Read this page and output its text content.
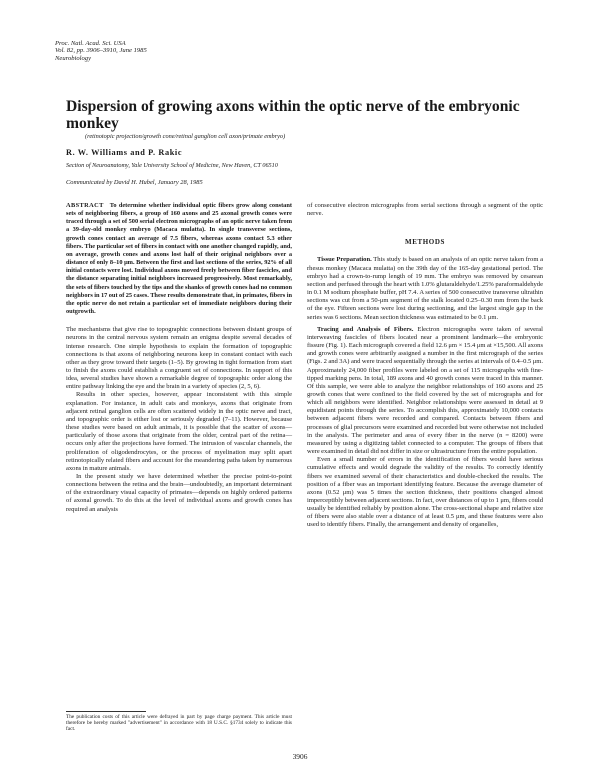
Proc. Natl. Acad. Sci. USA
Vol. 82, pp. 3906–3910, June 1985
Neurobiology
Dispersion of growing axons within the optic nerve of the embryonic monkey
(retinotopic projection/growth cone/retinal ganglion cell axon/primate embryo)
R. W. Williams and P. Rakic
Section of Neuroanatomy, Yale University School of Medicine, New Haven, CT 06510
Communicated by David H. Hubel, January 28, 1985

ABSTRACT To determine whether individual optic fibers grow along constant sets of neighboring fibers, a group of 160 axons and 25 axonal growth cones were traced through a set of 500 serial electron micrographs of an optic nerve taken from a 39-day-old monkey embryo (Macaca mulatta). In single transverse sections, growth cones contact an average of 7.5 fibers, whereas axons contact 5.3 other fibers. The particular set of fibers in contact with one another changed rapidly, and, on average, growth cones and axons lost half of their original neighbors over a distance of only 8–10 μm. Between the first and last sections of the series, 92% of all initial contacts were lost. Individual axons moved freely between fiber fascicles, and the distance separating initial neighbors increased progressively. Most remarkably, the sets of fibers touched by the tips and the shanks of growth cones had no common neighbors in 17 out of 25 cases. These results demonstrate that, in primates, fibers in the optic nerve do not retain a particular set of immediate neighbors during their outgrowth.

The mechanisms that give rise to topographic connections between distant groups of neurons in the central nervous system remain an enigma despite several decades of intense research. One simple hypothesis to explain the formation of topographic connections is that axons of neighboring neurons keep in constant contact with each other as they grow toward their targets (1–5). By growing in tight formation from start to finish the axons could establish a congruent set of connections. In support of this idea, several studies have shown a remarkable degree of topographic order along the entire pathway linking the eye and the brain in a variety of species (2, 5, 6).

Results in other species, however, appear inconsistent with this simple explanation. For instance, in adult cats and monkeys, axons that originate from adjacent retinal ganglion cells are often scattered widely in the optic nerve and tract, and topographic order is either lost or seriously degraded (7–11). However, because these studies were based on adult animals, it is possible that the scatter of axons—particularly of those axons that originate from the older, central part of the retina—occurs only after the projections have formed. The intrusion of vascular channels, the proliferation of oligodendrocytes, or the process of myelination may split apart retinotopically related fibers and account for the meandering paths taken by numerous axons in mature animals.

In the present study we have determined whether the precise point-to-point connections between the retina and the brain—undoubtedly, an important determinant of the extraordinary visual capacity of primates—depends on highly ordered patterns of axonal growth. To do this at the level of individual axons and growth cones has required an analysis

The publication costs of this article were defrayed in part by page charge payment. This article must therefore be hereby marked "advertisement" in accordance with 18 U.S.C. §1734 solely to indicate this fact.

of consecutive electron micrographs from serial sections through a segment of the optic nerve.

METHODS

Tissue Preparation. This study is based on an analysis of an optic nerve taken from a rhesus monkey (Macaca mulatta) on the 39th day of the 165-day gestational period. The embryo had a crown-to-rump length of 19 mm. The embryo was removed by cesarean section and perfused through the heart with 1.0% glutaraldehyde/1.25% paraformaldehyde in 0.1 M sodium phosphate buffer, pH 7.4. A series of 500 consecutive transverse ultrathin sections was cut from a 50-μm segment of the stalk located 0.25–0.30 mm from the back of the eye. Fifteen sections were lost during sectioning, and the largest single gap in the series was 6 sections. Mean section thickness was estimated to be 0.1 μm.

Tracing and Analysis of Fibers. Electron micrographs were taken of several interweaving fascicles of fibers located near a prominent landmark—the embryonic fissure (Fig. 1). Each micrograph covered a field 12.6 μm × 15.4 μm at ×15,500. All axons and growth cones were arbitrarily assigned a number in the first micrograph of the series (Figs. 2 and 3A) and were traced sequentially through the series at intervals of 0.4–0.5 μm. Approximately 24,000 fiber profiles were labeled on a set of 115 micrographs with fine-tipped marking pens. In total, 189 axons and 40 growth cones were traced in this manner. Of this sample, we were able to analyze the neighbor relationships of 160 axons and 25 growth cones that were confined to the field covered by the set of micrographs and for which all neighbors were identified. Neighbor relationships were assessed in detail at 9 equidistant points through the series. To accomplish this, approximately 10,000 contacts between adjacent fibers were recorded and compared. Contacts between fibers and processes of glial precursors were examined and recorded but were otherwise not included in the analysis. The perimeter and area of every fiber in the nerve (n = 8200) were measured by using a digitizing tablet connected to a computer. The groups of fibers that were examined in detail did not differ in size or ultrastructure from the entire population.

Even a small number of errors in the identification of fibers would have serious cumulative effects and would degrade the validity of the results. To correctly identify fibers we examined several of their characteristics and double-checked the results. The position of a fiber was an important identifying feature. Because the average diameter of axons (0.52 μm) was 5 times the section thickness, their positions changed almost imperceptibly between adjacent sections. In fact, over distances of up to 1 μm, fibers could usually be identified reliably by position alone. The cross-sectional shape and relative size of fibers were also stable over a distance of at least 0.5 μm, and these features were also used to identify fibers. Finally, the arrangement and density of organelles,

3906
